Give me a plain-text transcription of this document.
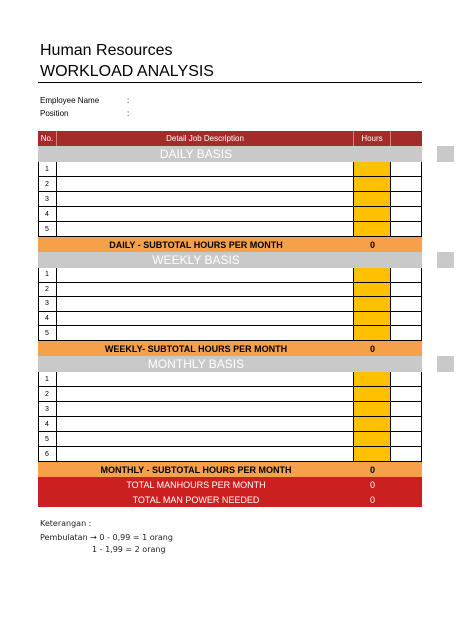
Human Resources
WORKLOAD ANALYSIS
Employee Name	:
Position	:
No.	Detail Job Description	Hours
DAILY BASIS
1
2
3
4
5
DAILY - SUBTOTAL HOURS PER MONTH	0
WEEKLY BASIS
1
2
3
4
5
WEEKLY- SUBTOTAL HOURS PER MONTH	0
MONTHLY BASIS
1
2
3
4
5
6
MONTHLY - SUBTOTAL HOURS PER MONTH	0
TOTAL MANHOURS PER MONTH	0
TOTAL MAN POWER NEEDED	0
Keterangan :
Pembulatan → 0 - 0,99 = 1 orang
1 - 1,99 = 2 orang
